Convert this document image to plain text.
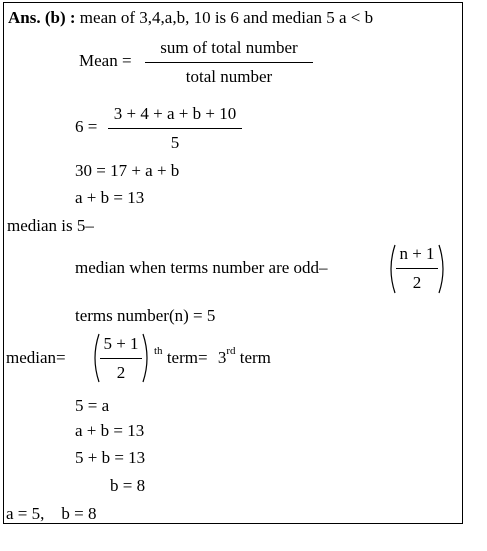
Ans. (b) : mean of 3,4,a,b, 10 is 6 and median 5 a < b
Mean =
sum of total number
total number
6 =
3 + 4 + a + b + 10
5
30 = 17 + a + b
a + b = 13
median is 5–
median when terms number are odd–
n + 1
2
terms number(n) = 5
median=
5 + 1
2
$^{th}$ term= 3rd term
5 = a
a + b = 13
5 + b = 13
b = 8
a = 5,    b = 8
